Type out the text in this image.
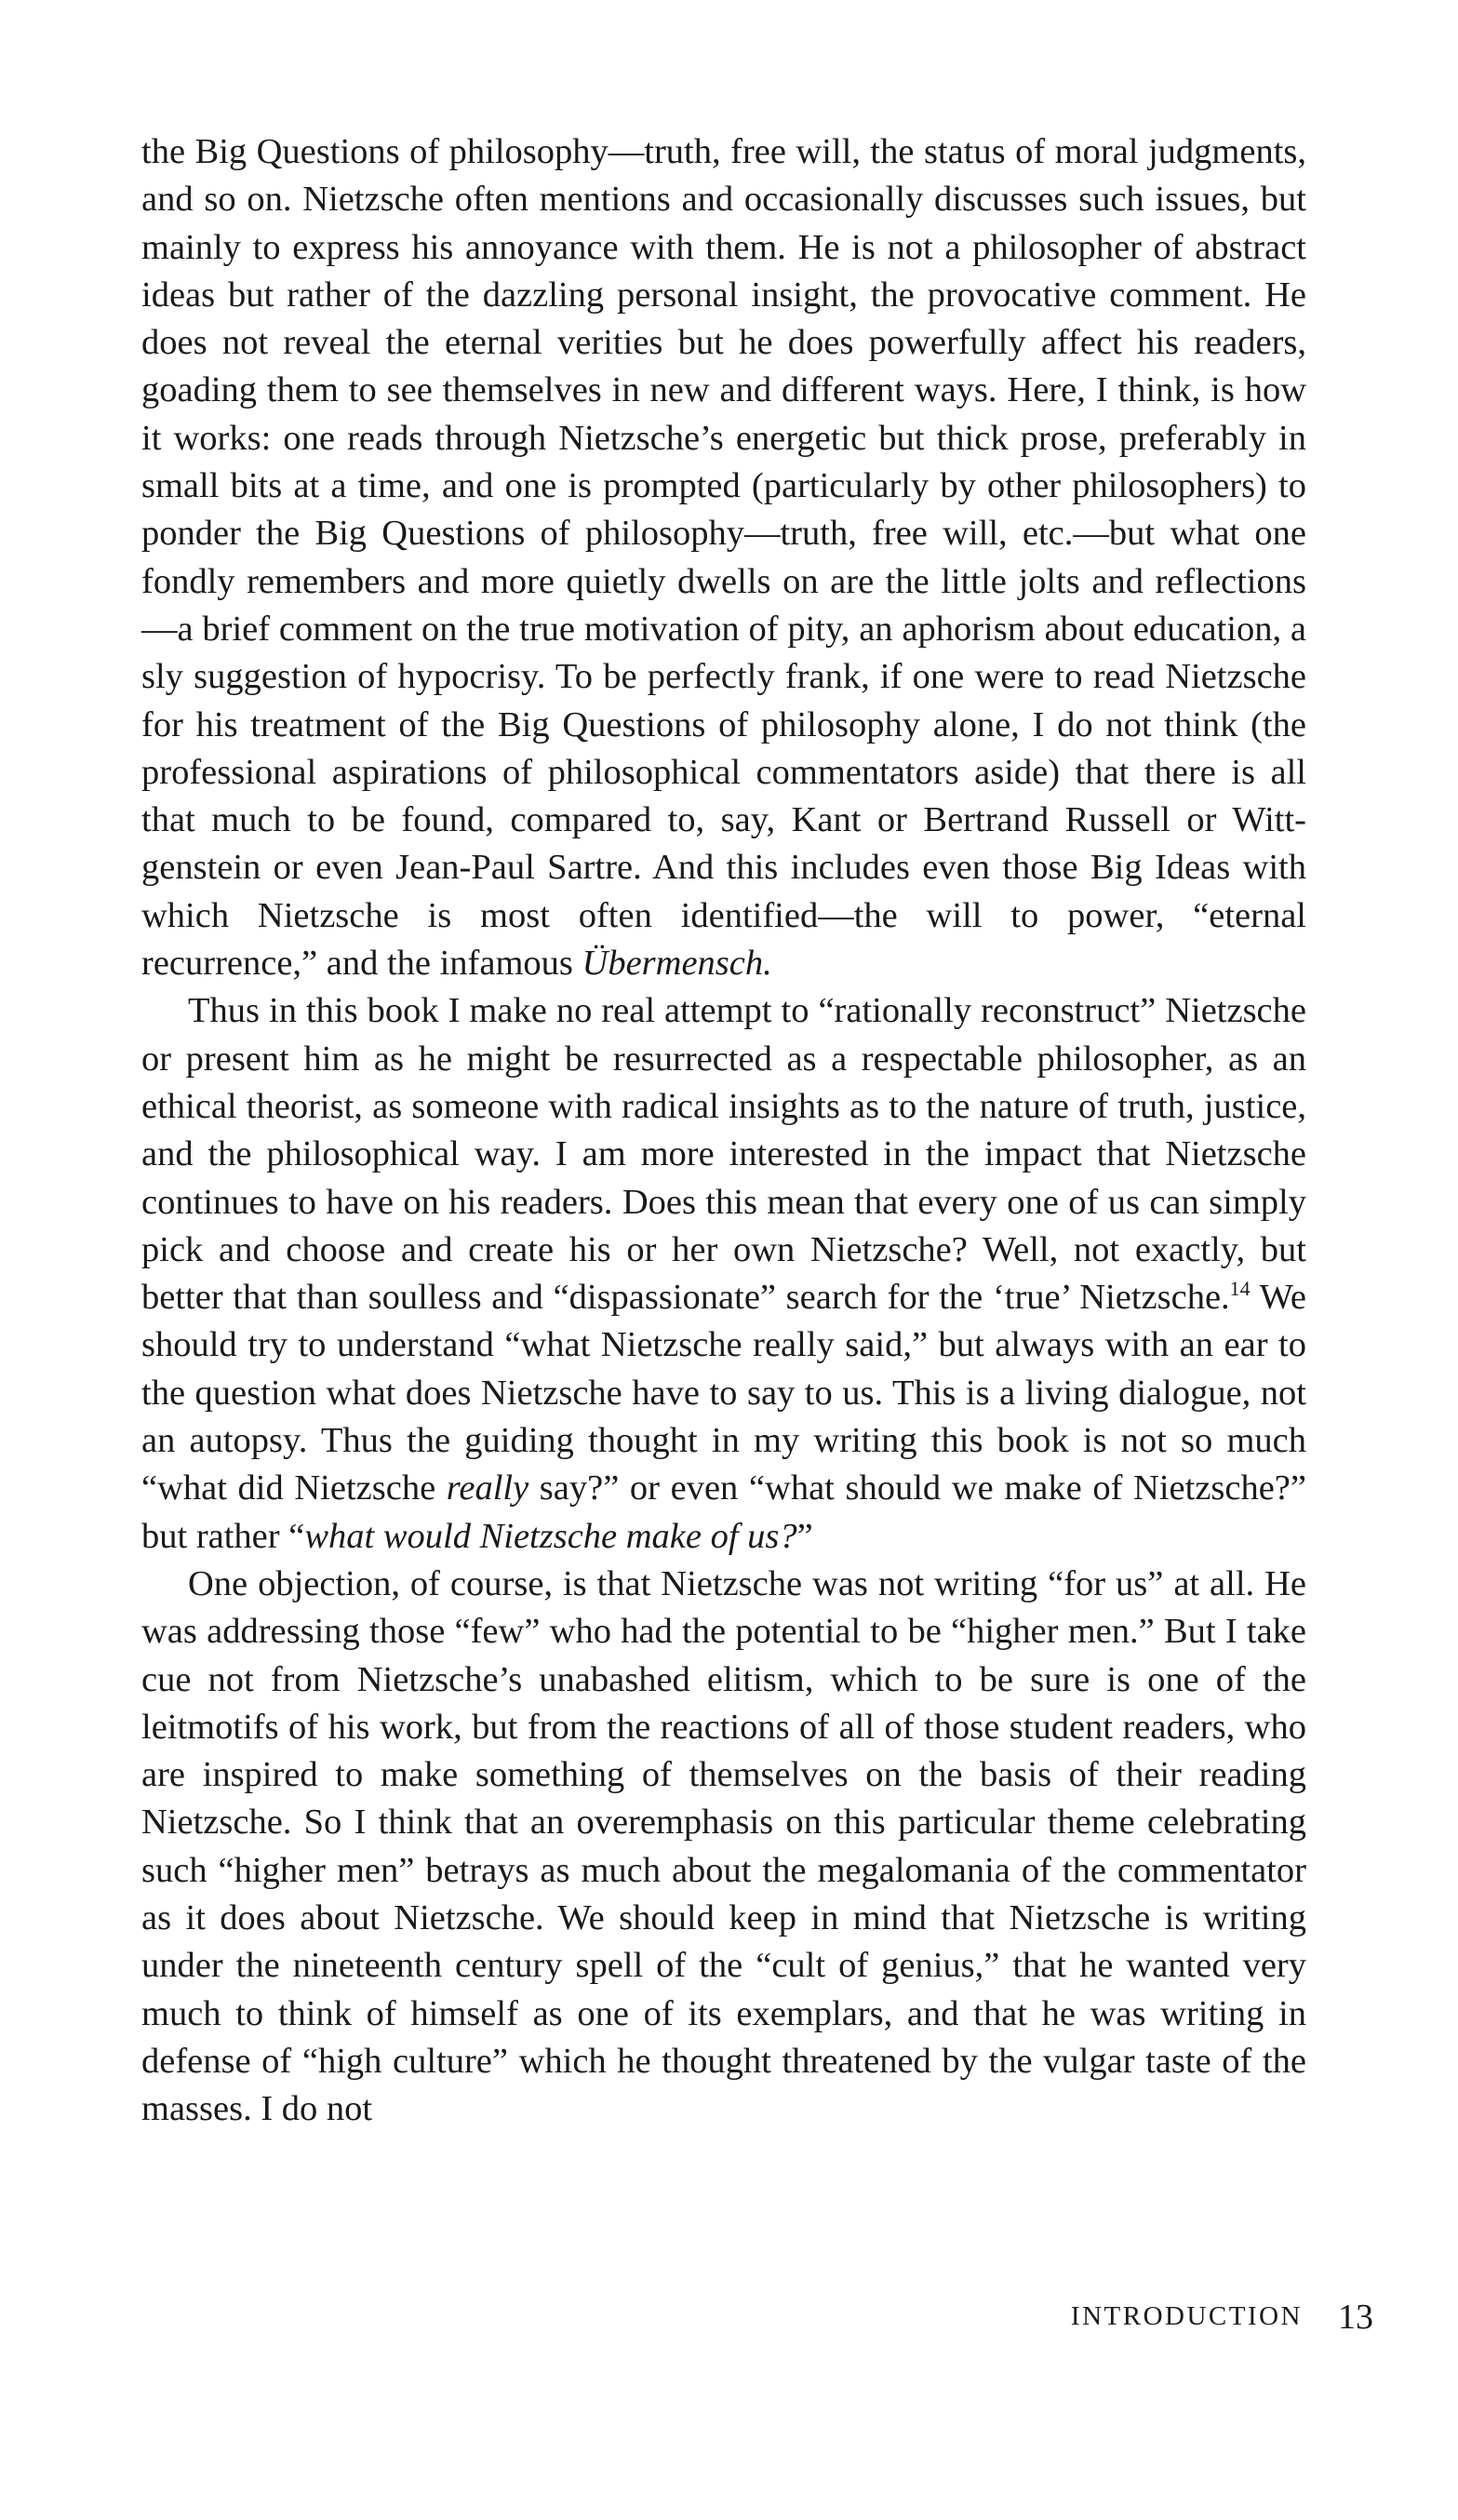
the Big Questions of philosophy—truth, free will, the status of moral judgments, and so on. Nietzsche often mentions and occasionally discusses such issues, but mainly to express his annoyance with them. He is not a philosopher of abstract ideas but rather of the dazzling personal insight, the provocative comment. He does not reveal the eternal verities but he does powerfully affect his readers, goading them to see themselves in new and different ways. Here, I think, is how it works: one reads through Nietzsche’s energetic but thick prose, preferably in small bits at a time, and one is prompted (particularly by other philosophers) to ponder the Big Questions of philosophy—truth, free will, etc.—but what one fondly remembers and more quietly dwells on are the little jolts and reflections—a brief comment on the true motivation of pity, an aphorism about education, a sly suggestion of hypocrisy. To be perfectly frank, if one were to read Nietzsche for his treatment of the Big Questions of philosophy alone, I do not think (the professional aspirations of philosophical commentators aside) that there is all that much to be found, compared to, say, Kant or Bertrand Russell or Wittgenstein or even Jean-Paul Sartre. And this includes even those Big Ideas with which Nietzsche is most often identified—the will to power, “eternal recurrence,” and the infamous Übermensch.

Thus in this book I make no real attempt to “rationally reconstruct” Nietzsche or present him as he might be resurrected as a respectable philosopher, as an ethical theorist, as someone with radical insights as to the nature of truth, justice, and the philosophical way. I am more interested in the impact that Nietzsche continues to have on his readers. Does this mean that every one of us can simply pick and choose and create his or her own Nietzsche? Well, not exactly, but better that than soulless and “dispassionate” search for the ‘true’ Nietzsche.$^{14}$ We should try to understand “what Nietzsche really said,” but always with an ear to the question what does Nietzsche have to say to us. This is a living dialogue, not an autopsy. Thus the guiding thought in my writing this book is not so much “what did Nietzsche really say?” or even “what should we make of Nietzsche?” but rather “what would Nietzsche make of us?”

One objection, of course, is that Nietzsche was not writing “for us” at all. He was addressing those “few” who had the potential to be “higher men.” But I take cue not from Nietzsche’s unabashed elitism, which to be sure is one of the leitmotifs of his work, but from the reactions of all of those student readers, who are inspired to make something of themselves on the basis of their reading Nietzsche. So I think that an overemphasis on this particular theme celebrating such “higher men” betrays as much about the megalomania of the commentator as it does about Nietzsche. We should keep in mind that Nietzsche is writing under the nineteenth century spell of the “cult of genius,” that he wanted very much to think of himself as one of its exemplars, and that he was writing in defense of “high culture” which he thought threatened by the vulgar taste of the masses. I do not

INTRODUCTION 13
